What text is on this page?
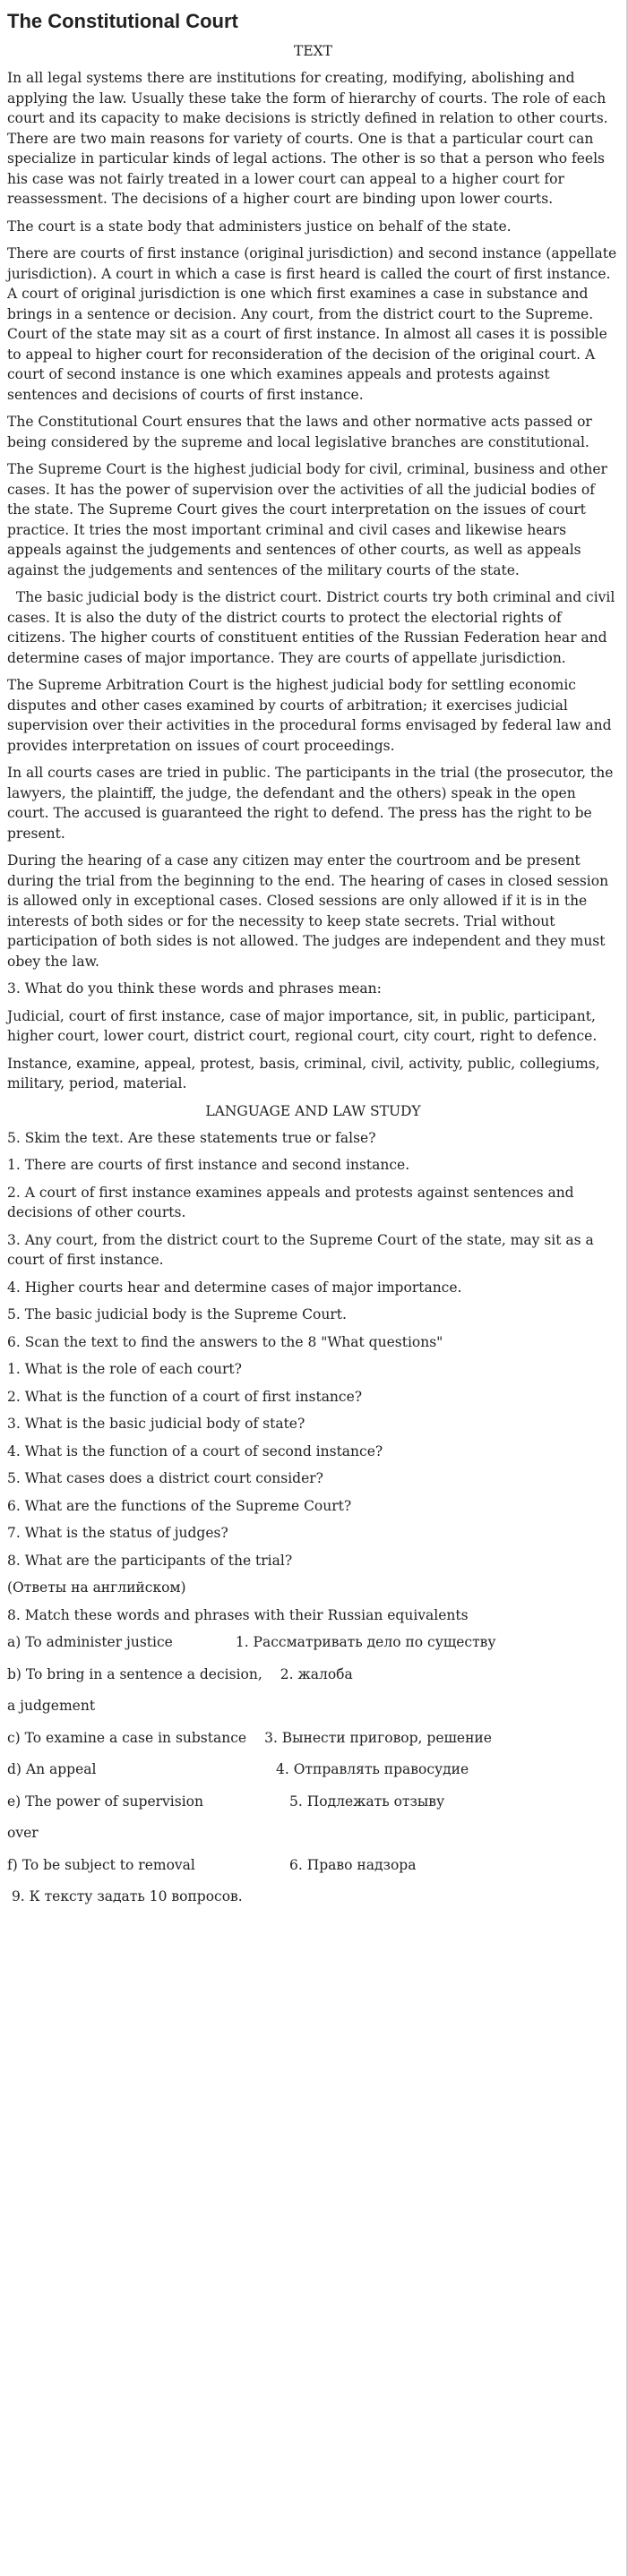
The Constitutional Court
TEXT

In all legal systems there are institutions for creating, modifying, abolishing and applying the law. Usually these take the form of hierarchy of courts. The role of each court and its capacity to make decisions is strictly defined in relation to other courts. There are two main reasons for variety of courts. One is that a particular court can specialize in particular kinds of legal actions. The other is so that a person who feels his case was not fairly treated in a lower court can appeal to a higher court for reassessment. The decisions of a higher court are binding upon lower courts.

The court is a state body that administers justice on behalf of the state.

There are courts of first instance (original jurisdiction) and second instance (appellate jurisdiction). A court in which a case is first heard is called the court of first instance. A court of original jurisdiction is one which first examines a case in substance and brings in a sentence or decision. Any court, from the district court to the Supreme. Court of the state may sit as a court of first instance. In almost all cases it is possible to appeal to higher court for reconsideration of the decision of the original court. A court of second instance is one which examines appeals and protests against sentences and decisions of courts of first instance.

The Constitutional Court ensures that the laws and other normative acts passed or being considered by the supreme and local legislative branches are constitutional.

The Supreme Court is the highest judicial body for civil, criminal, business and other cases. It has the power of supervision over the activities of all the judicial bodies of the state. The Supreme Court gives the court interpretation on the issues of court practice. It tries the most important criminal and civil cases and likewise hears appeals against the judgements and sentences of other courts, as well as appeals against the judgements and sentences of the military courts of the state.

The basic judicial body is the district court. District courts try both criminal and civil cases. It is also the duty of the district courts to protect the electorial rights of citizens. The higher courts of constituent entities of the Russian Federation hear and determine cases of major importance. They are courts of appellate jurisdiction.

The Supreme Arbitration Court is the highest judicial body for settling economic disputes and other cases examined by courts of arbitration; it exercises judicial supervision over their activities in the procedural forms envisaged by federal law and provides interpretation on issues of court proceedings.

In all courts cases are tried in public. The participants in the trial (the prosecutor, the lawyers, the plaintiff, the judge, the defendant and the others) speak in the open court. The accused is guaranteed the right to defend. The press has the right to be present.

During the hearing of a case any citizen may enter the courtroom and be present during the trial from the beginning to the end. The hearing of cases in closed session is allowed only in exceptional cases. Closed sessions are only allowed if it is in the interests of both sides or for the necessity to keep state secrets. Trial without participation of both sides is not allowed. The judges are independent and they must obey the law.

3. What do you think these words and phrases mean:

Judicial, court of first instance, case of major importance, sit, in public, participant, higher court, lower court, district court, regional court, city court, right to defence.

Instance, examine, appeal, protest, basis, criminal, civil, activity, public, collegiums, military, period, material.

LANGUAGE AND LAW STUDY

5. Skim the text. Are these statements true or false?

1. There are courts of first instance and second instance.

2. A court of first instance examines appeals and protests against sentences and decisions of other courts.

3. Any court, from the district court to the Supreme Court of the state, may sit as a court of first instance.

4. Higher courts hear and determine cases of major importance.

5. The basic judicial body is the Supreme Court.

6. Scan the text to find the answers to the 8 "What questions"

1. What is the role of each court?

2. What is the function of a court of first instance?

3. What is the basic judicial body of state?

4. What is the function of a court of second instance?

5. What cases does a district court consider?

6. What are the functions of the Supreme Court?

7. What is the status of judges?

8. What are the participants of the trial?

(Ответы на английском)

8. Match these words and phrases with their Russian equivalents

a) To administer justice	1. Рассматривать дело по существу

b) To bring in a sentence a decision, 2. жалоба

a judgement

c) To examine a case in substance 3. Вынести приговор, решение

d) An appeal	4. Отправлять правосудие

e) The power of supervision	5. Подлежать отзыву

over

f) To be subject to removal	6. Право надзора

9. К тексту задать 10 вопросов.
